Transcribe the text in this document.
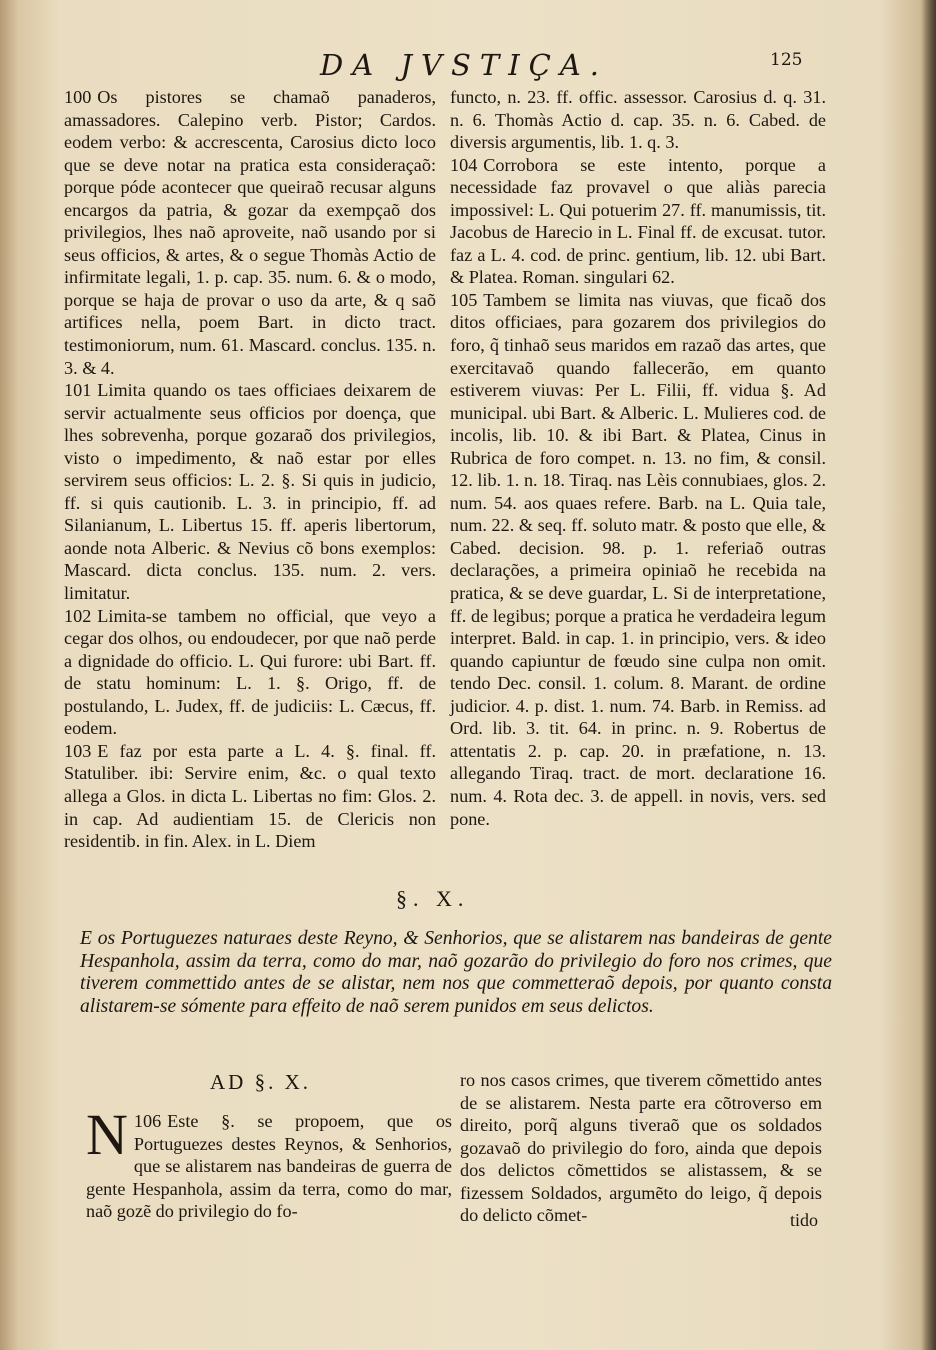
DA JVSTIÇA.	125

100 Os pistores se chamaõ panaderos, amassadores. Calepino verb. Pistor; Cardos. eodem verbo: & accrescenta, Carosius dicto loco que se deve notar na pratica esta consideraçaõ: porque póde acontecer que queiraõ recusar alguns encargos da patria, & gozar da exempçaõ dos privilegios, lhes naõ aproveite, naõ usando por si seus officios, & artes, & o segue Thomàs Actio de infirmitate legali, 1. p. cap. 35. num. 6. & o modo, porque se haja de provar o uso da arte, & q saõ artifices nella, poem Bart. in dicto tract. testimoniorum, num. 61. Mascard. conclus. 135. n. 3. & 4.

101 Limita quando os taes officiaes deixarem de servir actualmente seus officios por doença, que lhes sobrevenha, porque gozaraõ dos privilegios, visto o impedimento, & naõ estar por elles servirem seus officios: L. 2. §. Si quis in judicio, ff. si quis cautionib. L. 3. in principio, ff. ad Silanianum, L. Libertus 15. ff. aperis libertorum, aonde nota Alberic. & Nevius cõ bons exemplos: Mascard. dicta conclus. 135. num. 2. vers. limitatur.

102 Limita-se tambem no official, que veyo a cegar dos olhos, ou endoudecer, por que naõ perde a dignidade do officio. L. Qui furore: ubi Bart. ff. de statu hominum: L. 1. §. Origo, ff. de postulando, L. Judex, ff. de judiciis: L. Cæcus, ff. eodem.

103 E faz por esta parte a L. 4. §. final. ff. Statuliber. ibi: Servire enim, &c. o qual texto allega a Glos. in dicta L. Libertas no fim: Glos. 2. in cap. Ad audientiam 15. de Clericis non residentib. in fin. Alex. in L. Diem

functo, n. 23. ff. offic. assessor. Carosius d. q. 31. n. 6. Thomàs Actio d. cap. 35. n. 6. Cabed. de diversis argumentis, lib. 1. q. 3.

104 Corrobora se este intento, porque a necessidade faz provavel o que aliàs parecia impossivel: L. Qui potuerim 27. ff. manumissis, tit. Jacobus de Harecio in L. Final ff. de excusat. tutor. faz a L. 4. cod. de princ. gentium, lib. 12. ubi Bart. & Platea. Roman. singulari 62.

105 Tambem se limita nas viuvas, que ficaõ dos ditos officiaes, para gozarem dos privilegios do foro, q̃ tinhaõ seus maridos em razaõ das artes, que exercitavaõ quando fallecerão, em quanto estiverem viuvas: Per L. Filii, ff. vidua §. Ad municipal. ubi Bart. & Alberic. L. Mulieres cod. de incolis, lib. 10. & ibi Bart. & Platea, Cinus in Rubrica de foro compet. n. 13. no fim, & consil. 12. lib. 1. n. 18. Tiraq. nas Lèis connubiaes, glos. 2. num. 54. aos quaes refere. Barb. na L. Quia tale, num. 22. & seq. ff. soluto matr. & posto que elle, & Cabed. decision. 98. p. 1. referiaõ outras declarações, a primeira opiniaõ he recebida na pratica, & se deve guardar, L. Si de interpretatione, ff. de legibus; porque a pratica he verdadeira legum interpret. Bald. in cap. 1. in principio, vers. & ideo quando capiuntur de fœudo sine culpa non omit. tendo Dec. consil. 1. colum. 8. Marant. de ordine judicior. 4. p. dist. 1. num. 74. Barb. in Remiss. ad Ord. lib. 3. tit. 64. in princ. n. 9. Robertus de attentatis 2. p. cap. 20. in præfatione, n. 13. allegando Tiraq. tract. de mort. declaratione 16. num. 4. Rota dec. 3. de appell. in novis, vers. sed pone.

§. X.
E os Portuguezes naturaes deste Reyno, & Senhorios, que se alistarem nas bandeiras de gente Hespanhola, assim da terra, como do mar, naõ gozarão do privilegio do foro nos crimes, que tiverem commettido antes de se alistar, nem nos que commetteraõ depois, por quanto consta alistarem-se sómente para effeito de naõ serem punidos em seus delictos.
AD §. X.

106
N Este §. se propoem, que os Portuguezes destes Reynos, & Senhorios, que se alistarem nas bandeiras de guerra de gente Hespanhola, assim da terra, como do mar, naõ gozẽ do privilegio do fo-

ro nos casos crimes, que tiverem cõmettido antes de se alistarem. Nesta parte era cõtroverso em direito, porq̃ alguns tiveraõ que os soldados gozavaõ do privilegio do foro, ainda que depois dos delictos cõmettidos se alistassem, & se fizessem Soldados, argumẽto do leigo, q̃ depois do delicto cõmet-	tido
